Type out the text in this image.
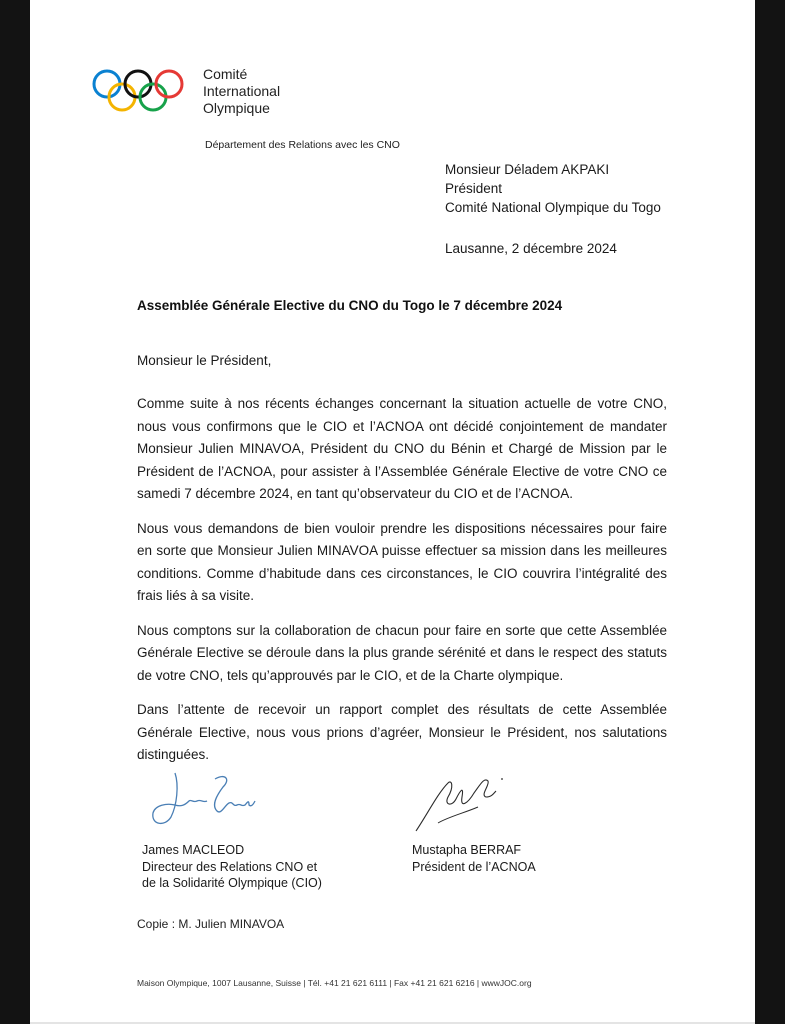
Comité
International
Olympique
Département des Relations avec les CNO
Monsieur Déladem AKPAKI
Président
Comité National Olympique du Togo
Lausanne, 2 décembre 2024
Assemblée Générale Elective du CNO du Togo le 7 décembre 2024
Monsieur le Président,

Comme suite à nos récents échanges concernant la situation actuelle de votre CNO, nous vous confirmons que le CIO et l’ACNOA ont décidé conjointement de mandater Monsieur Julien MINAVOA, Président du CNO du Bénin et Chargé de Mission par le Président de l’ACNOA, pour assister à l’Assemblée Générale Elective de votre CNO ce samedi 7 décembre 2024, en tant qu’observateur du CIO et de l’ACNOA.

Nous vous demandons de bien vouloir prendre les dispositions nécessaires pour faire en sorte que Monsieur Julien MINAVOA puisse effectuer sa mission dans les meilleures conditions. Comme d’habitude dans ces circonstances, le CIO couvrira l’intégralité des frais liés à sa visite.

Nous comptons sur la collaboration de chacun pour faire en sorte que cette Assemblée Générale Elective se déroule dans la plus grande sérénité et dans le respect des statuts de votre CNO, tels qu’approuvés par le CIO, et de la Charte olympique.

Dans l’attente de recevoir un rapport complet des résultats de cette Assemblée Générale Elective, nous vous prions d’agréer, Monsieur le Président, nos salutations distinguées.

James MACLEOD
Directeur des Relations CNO et
de la Solidarité Olympique (CIO)
Mustapha BERRAF
Président de l’ACNOA
Copie : M. Julien MINAVOA
Maison Olympique, 1007 Lausanne, Suisse | Tél. +41 21 621 6111 | Fax +41 21 621 6216 | wwwJOC.org
